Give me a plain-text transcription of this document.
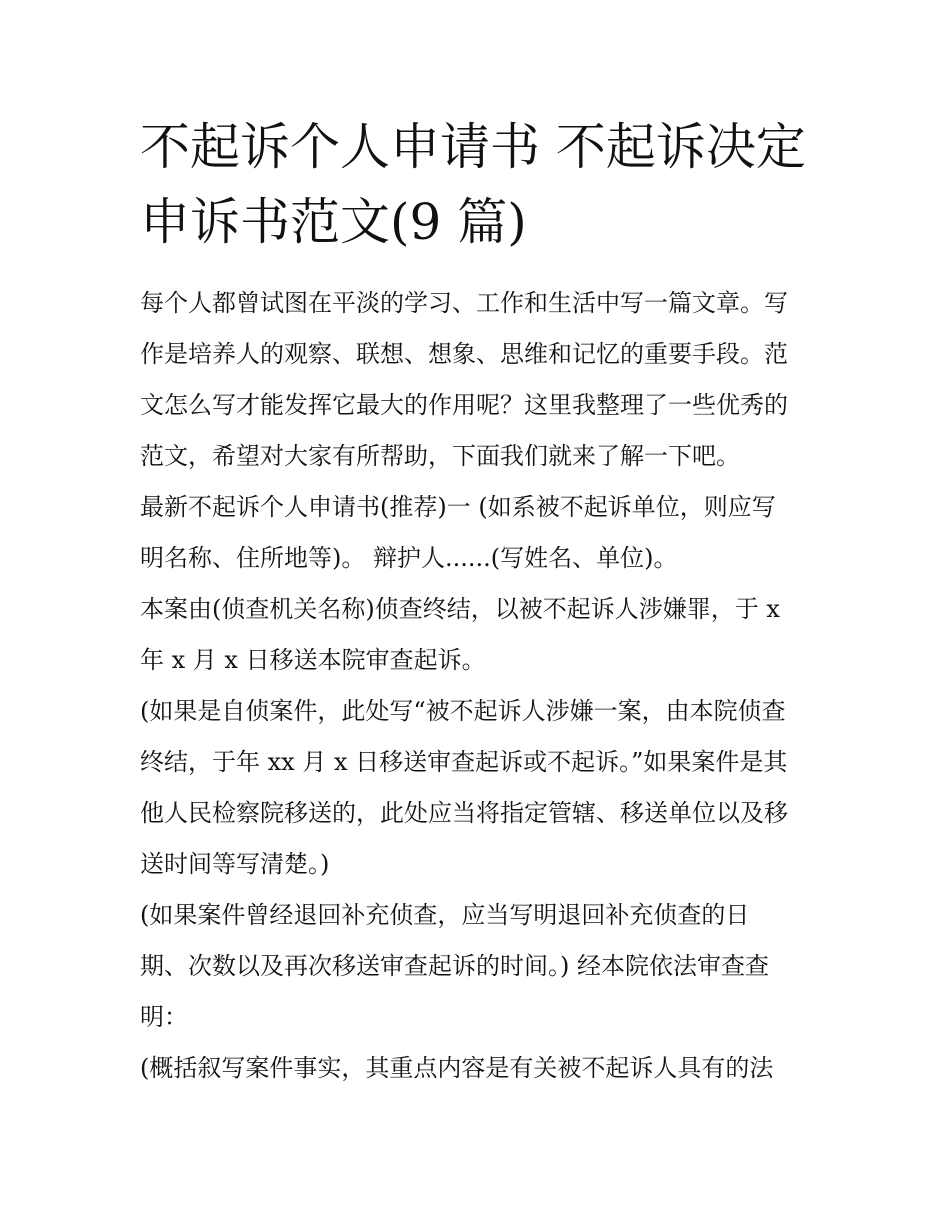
不起诉个人申请书 不起诉决定
申诉书范文(9 篇)
每个人都曾试图在平淡的学习、工作和生活中写一篇文章。写
作是培养人的观察、联想、想象、思维和记忆的重要手段。范
文怎么写才能发挥它最大的作用呢？这里我整理了一些优秀的
范文，希望对大家有所帮助，下面我们就来了解一下吧。
最新不起诉个人申请书(推荐)一 (如系被不起诉单位，则应写
明名称、住所地等)。 辩护人......(写姓名、单位)。
本案由(侦查机关名称)侦查终结，以被不起诉人涉嫌罪，于 x
年 x 月 x 日移送本院审查起诉。
(如果是自侦案件，此处写“被不起诉人涉嫌一案，由本院侦查
终结，于年 xx 月 x 日移送审查起诉或不起诉。”如果案件是其
他人民检察院移送的，此处应当将指定管辖、移送单位以及移
送时间等写清楚。)
(如果案件曾经退回补充侦查，应当写明退回补充侦查的日
期、次数以及再次移送审查起诉的时间。) 经本院依法审查查
明：
(概括叙写案件事实，其重点内容是有关被不起诉人具有的法
